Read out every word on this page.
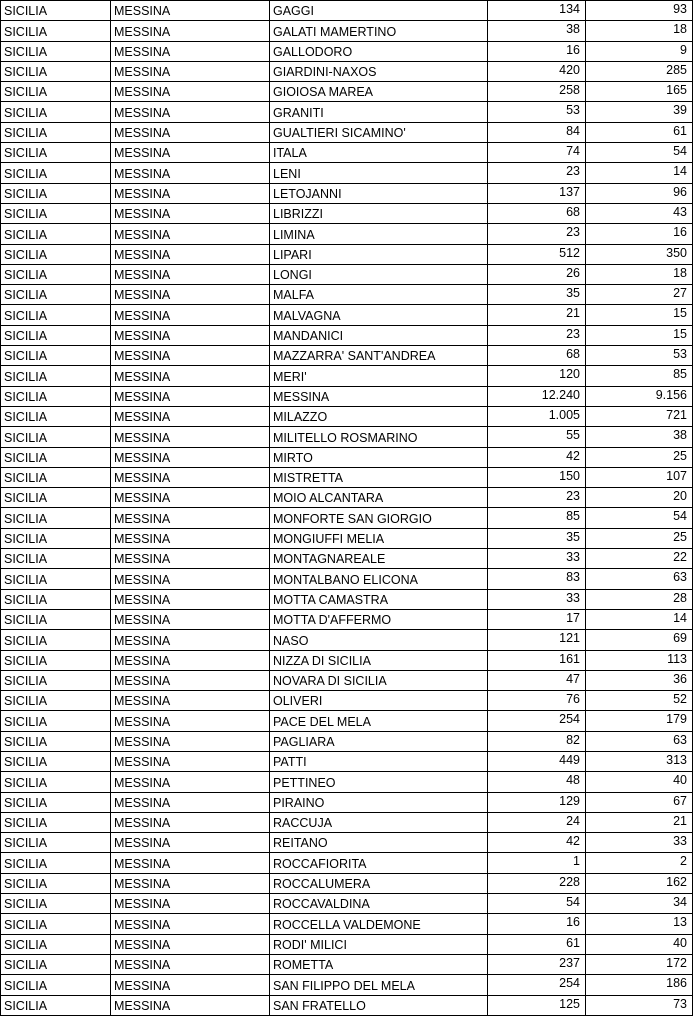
SICILIA	MESSINA	GAGGI	134	93
SICILIA	MESSINA	GALATI MAMERTINO	38	18
SICILIA	MESSINA	GALLODORO	16	9
SICILIA	MESSINA	GIARDINI-NAXOS	420	285
SICILIA	MESSINA	GIOIOSA MAREA	258	165
SICILIA	MESSINA	GRANITI	53	39
SICILIA	MESSINA	GUALTIERI SICAMINO'	84	61
SICILIA	MESSINA	ITALA	74	54
SICILIA	MESSINA	LENI	23	14
SICILIA	MESSINA	LETOJANNI	137	96
SICILIA	MESSINA	LIBRIZZI	68	43
SICILIA	MESSINA	LIMINA	23	16
SICILIA	MESSINA	LIPARI	512	350
SICILIA	MESSINA	LONGI	26	18
SICILIA	MESSINA	MALFA	35	27
SICILIA	MESSINA	MALVAGNA	21	15
SICILIA	MESSINA	MANDANICI	23	15
SICILIA	MESSINA	MAZZARRA' SANT'ANDREA	68	53
SICILIA	MESSINA	MERI'	120	85
SICILIA	MESSINA	MESSINA	12.240	9.156
SICILIA	MESSINA	MILAZZO	1.005	721
SICILIA	MESSINA	MILITELLO ROSMARINO	55	38
SICILIA	MESSINA	MIRTO	42	25
SICILIA	MESSINA	MISTRETTA	150	107
SICILIA	MESSINA	MOIO ALCANTARA	23	20
SICILIA	MESSINA	MONFORTE SAN GIORGIO	85	54
SICILIA	MESSINA	MONGIUFFI MELIA	35	25
SICILIA	MESSINA	MONTAGNAREALE	33	22
SICILIA	MESSINA	MONTALBANO ELICONA	83	63
SICILIA	MESSINA	MOTTA CAMASTRA	33	28
SICILIA	MESSINA	MOTTA D'AFFERMO	17	14
SICILIA	MESSINA	NASO	121	69
SICILIA	MESSINA	NIZZA DI SICILIA	161	113
SICILIA	MESSINA	NOVARA DI SICILIA	47	36
SICILIA	MESSINA	OLIVERI	76	52
SICILIA	MESSINA	PACE DEL MELA	254	179
SICILIA	MESSINA	PAGLIARA	82	63
SICILIA	MESSINA	PATTI	449	313
SICILIA	MESSINA	PETTINEO	48	40
SICILIA	MESSINA	PIRAINO	129	67
SICILIA	MESSINA	RACCUJA	24	21
SICILIA	MESSINA	REITANO	42	33
SICILIA	MESSINA	ROCCAFIORITA	1	2
SICILIA	MESSINA	ROCCALUMERA	228	162
SICILIA	MESSINA	ROCCAVALDINA	54	34
SICILIA	MESSINA	ROCCELLA VALDEMONE	16	13
SICILIA	MESSINA	RODI' MILICI	61	40
SICILIA	MESSINA	ROMETTA	237	172
SICILIA	MESSINA	SAN FILIPPO DEL MELA	254	186
SICILIA	MESSINA	SAN FRATELLO	125	73
